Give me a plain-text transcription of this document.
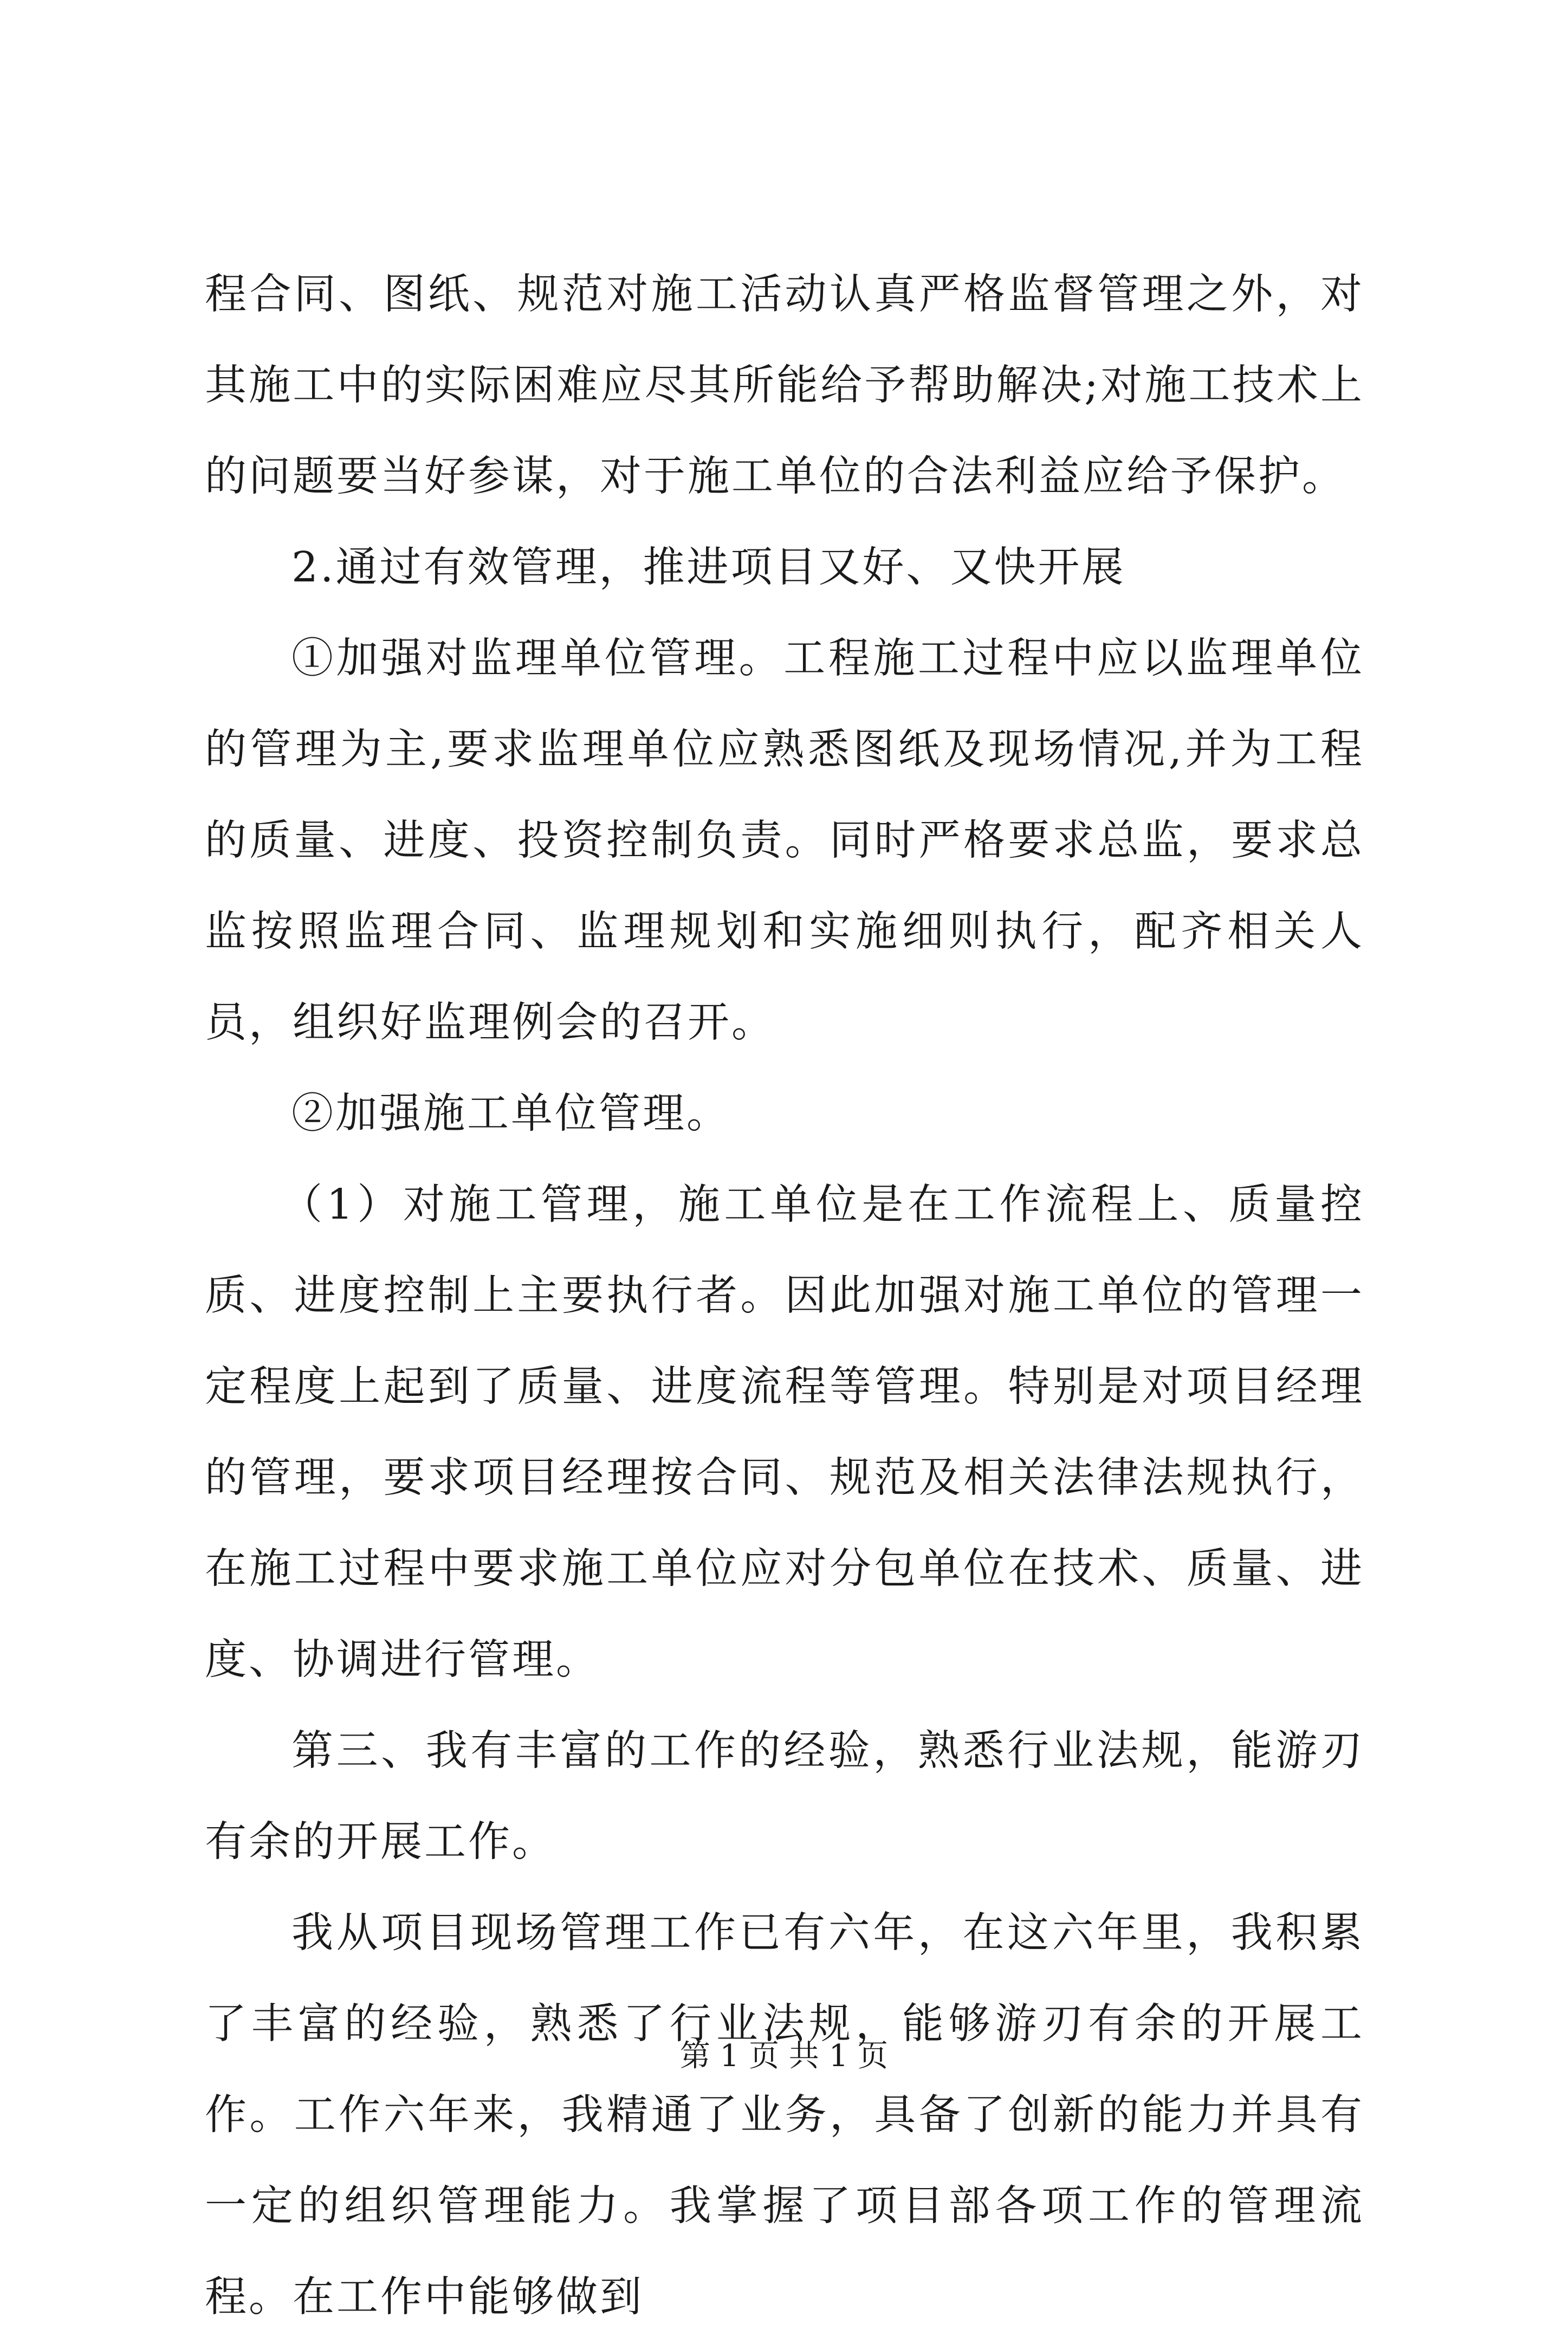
程合同、图纸、规范对施工活动认真严格监督管理之外，对其施工中的实际困难应尽其所能给予帮助解决;对施工技术上的问题要当好参谋，对于施工单位的合法利益应给予保护。

2.通过有效管理，推进项目又好、又快开展

①加强对监理单位管理。工程施工过程中应以监理单位的管理为主,要求监理单位应熟悉图纸及现场情况,并为工程的质量、进度、投资控制负责。同时严格要求总监，要求总监按照监理合同、监理规划和实施细则执行，配齐相关人员，组织好监理例会的召开。

②加强施工单位管理。

（1）对施工管理，施工单位是在工作流程上、质量控质、进度控制上主要执行者。因此加强对施工单位的管理一定程度上起到了质量、进度流程等管理。特别是对项目经理的管理，要求项目经理按合同、规范及相关法律法规执行，在施工过程中要求施工单位应对分包单位在技术、质量、进度、协调进行管理。

第三、我有丰富的工作的经验，熟悉行业法规，能游刃有余的开展工作。

我从项目现场管理工作已有六年，在这六年里，我积累了丰富的经验，熟悉了行业法规，能够游刃有余的开展工作。工作六年来，我精通了业务，具备了创新的能力并具有一定的组织管理能力。我掌握了项目部各项工作的管理流程。在工作中能够做到

第 1 页 共 1 页
